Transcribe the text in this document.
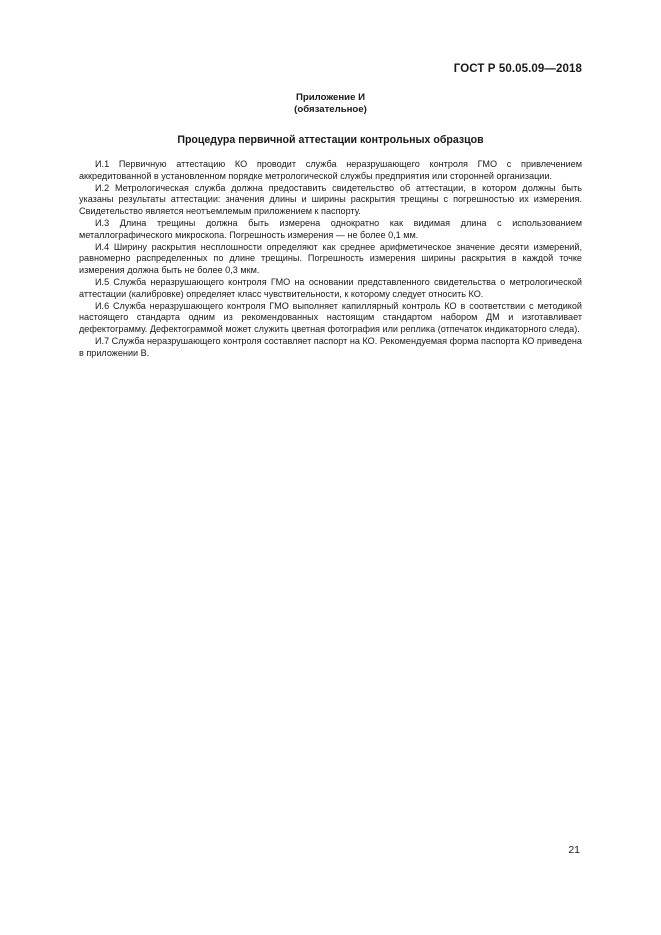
ГОСТ Р 50.05.09—2018
Приложение И
(обязательное)
Процедура первичной аттестации контрольных образцов

И.1 Первичную аттестацию КО проводит служба неразрушающего контроля ГМО с привлечением аккредитованной в установленном порядке метрологической службы предприятия или сторонней организации.

И.2 Метрологическая служба должна предоставить свидетельство об аттестации, в котором должны быть указаны результаты аттестации: значения длины и ширины раскрытия трещины с погрешностью их измерения. Свидетельство является неотъемлемым приложением к паспорту.

И.3 Длина трещины должна быть измерена однократно как видимая длина с использованием металлографического микроскопа. Погрешность измерения — не более 0,1 мм.

И.4 Ширину раскрытия несплошности определяют как среднее арифметическое значение десяти измерений, равномерно распределенных по длине трещины. Погрешность измерения ширины раскрытия в каждой точке измерения должна быть не более 0,3 мкм.

И.5 Служба неразрушающего контроля ГМО на основании представленного свидетельства о метрологической аттестации (калибровке) определяет класс чувствительности, к которому следует относить КО.

И.6 Служба неразрушающего контроля ГМО выполняет капиллярный контроль КО в соответствии с методикой настоящего стандарта одним из рекомендованных настоящим стандартом набором ДМ и изготавливает дефектограмму. Дефектограммой может служить цветная фотография или реплика (отпечаток индикаторного следа).

И.7 Служба неразрушающего контроля составляет паспорт на КО. Рекомендуемая форма паспорта КО приведена в приложении В.

21
